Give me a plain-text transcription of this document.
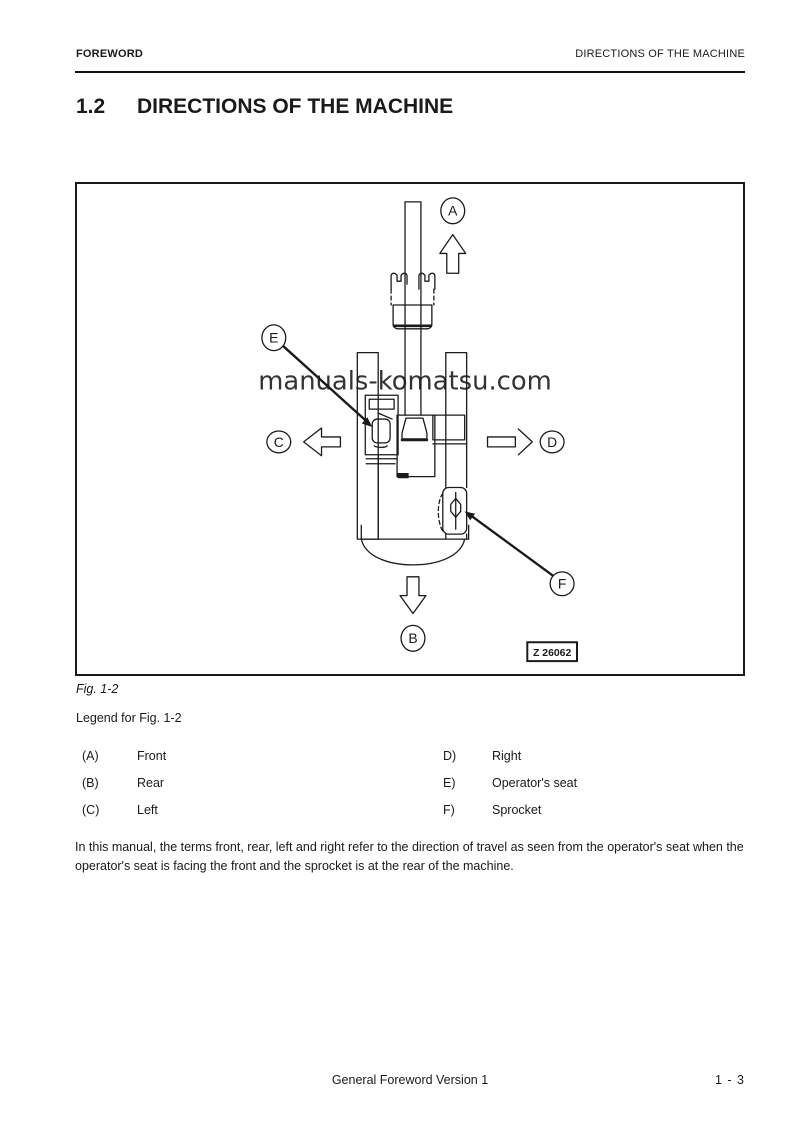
FOREWORD	DIRECTIONS OF THE MACHINE
1.2 DIRECTIONS OF THE MACHINE
manuals-komatsu.com
A
B
C	D
E
F
Z 26062
Fig. 1-2
Legend for Fig. 1-2
(A)	Front	D)	Right
(B)	Rear	E)	Operator's seat
(C)	Left	F)	Sprocket
In this manual, the terms front, rear, left and right refer to the direction of travel as seen from the operator's seat when the operator's seat is facing the front and the sprocket is at the rear of the machine.
General Foreword Version 1	1 - 3
